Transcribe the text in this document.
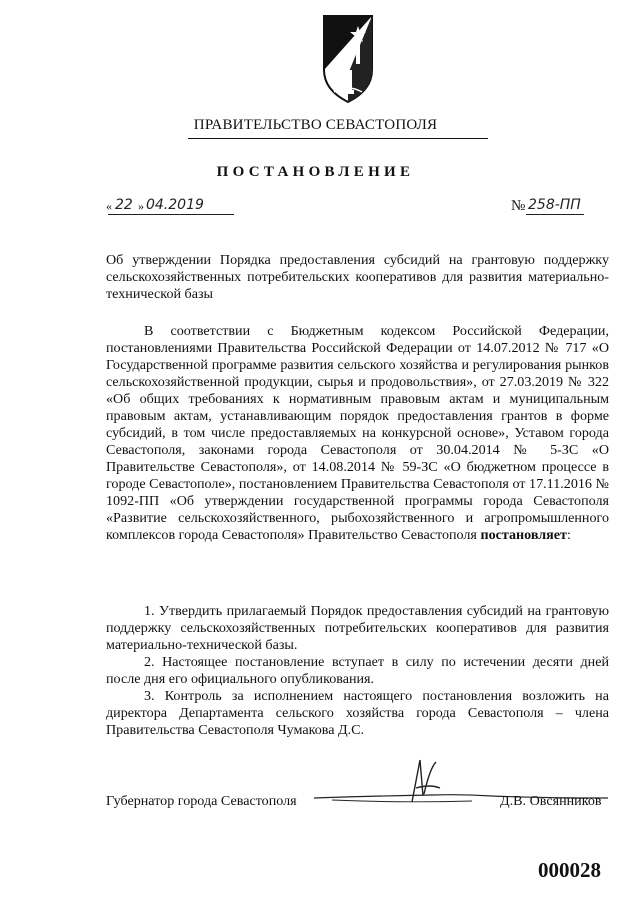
ПРАВИТЕЛЬСТВО СЕВАСТОПОЛЯ
ПОСТАНОВЛЕНИЕ
« 22 » 04.2019	№ 258-ПП
Об утверждении Порядка предоставления субсидий на грантовую поддержку сельскохозяйственных потребительских кооперативов для развития материально-технической базы
В соответствии с Бюджетным кодексом Российской Федерации, постановлениями Правительства Российской Федерации от 14.07.2012 № 717 «О Государственной программе развития сельского хозяйства и регулирования рынков сельскохозяйственной продукции, сырья и продовольствия», от 27.03.2019 № 322 «Об общих требованиях к нормативным правовым актам и муниципальным правовым актам, устанавливающим порядок предоставления грантов в форме субсидий, в том числе предоставляемых на конкурсной основе», Уставом города Севастополя, законами города Севастополя от 30.04.2014 № 5-ЗС «О Правительстве Севастополя», от 14.08.2014 № 59-ЗС «О бюджетном процессе в городе Севастополе», постановлением Правительства Севастополя от 17.11.2016 № 1092-ПП «Об утверждении государственной программы города Севастополя «Развитие сельскохозяйственного, рыбохозяйственного и агропромышленного комплексов города Севастополя» Правительство Севастополя постановляет:
1. Утвердить прилагаемый Порядок предоставления субсидий на грантовую поддержку сельскохозяйственных потребительских кооперативов для развития материально-технической базы.
2. Настоящее постановление вступает в силу по истечении десяти дней после дня его официального опубликования.
3. Контроль за исполнением настоящего постановления возложить на директора Департамента сельского хозяйства города Севастополя – члена Правительства Севастополя Чумакова Д.С.
Губернатор города Севастополя	Д.В. Овсянников
000028
